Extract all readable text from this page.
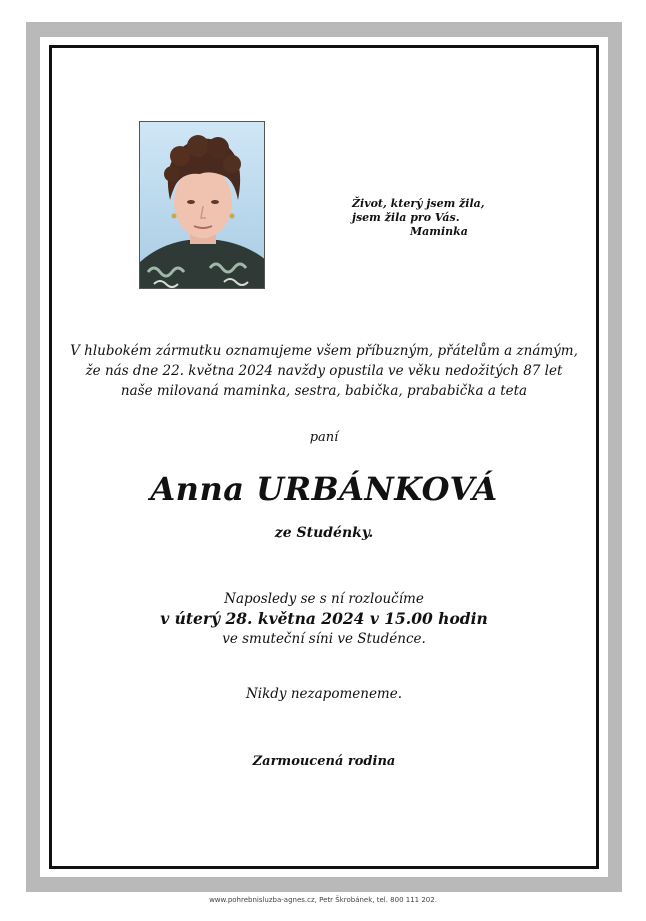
Život, který jsem žila,
jsem žila pro Vás.
Maminka
V hlubokém zármutku oznamujeme všem příbuzným, přátelům a známým,
že nás dne 22. května 2024 navždy opustila ve věku nedožitých 87 let
naše milovaná maminka, sestra, babička, prababička a teta
paní
Anna URBÁNKOVÁ
ze Studénky.
Naposledy se s ní rozloučíme
v úterý 28. května 2024 v 15.00 hodin
ve smuteční síni ve Studénce.
Nikdy nezapomeneme.
Zarmoucená rodina
www.pohrebnisluzba-agnes.cz, Petr Škrobánek, tel. 800 111 202.
